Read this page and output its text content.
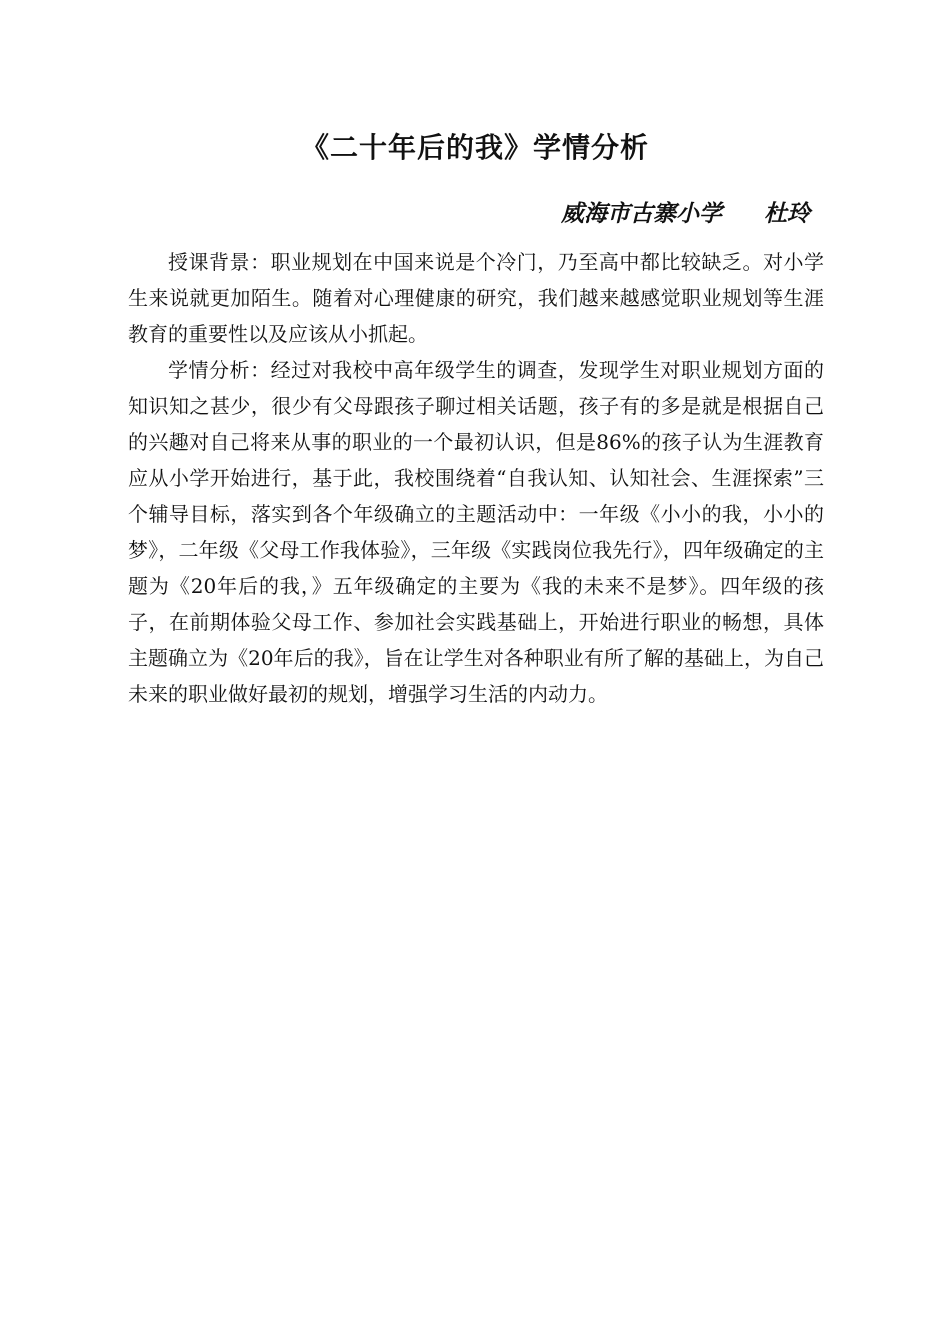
《二十年后的我》学情分析
威海市古寨小学 杜玲

授课背景：职业规划在中国来说是个冷门，乃至高中都比较缺乏。对小学生来说就更加陌生。随着对心理健康的研究，我们越来越感觉职业规划等生涯教育的重要性以及应该从小抓起。

学情分析：经过对我校中高年级学生的调查，发现学生对职业规划方面的知识知之甚少，很少有父母跟孩子聊过相关话题，孩子有的多是就是根据自己的兴趣对自己将来从事的职业的一个最初认识，但是86%的孩子认为生涯教育应从小学开始进行，基于此，我校围绕着“自我认知、认知社会、生涯探索”三个辅导目标，落实到各个年级确立的主题活动中：一年级《小小的我，小小的梦》，二年级《父母工作我体验》，三年级《实践岗位我先行》，四年级确定的主题为《20年后的我，》五年级确定的主要为《我的未来不是梦》。四年级的孩子，在前期体验父母工作、参加社会实践基础上，开始进行职业的畅想，具体主题确立为《20年后的我》，旨在让学生对各种职业有所了解的基础上，为自己未来的职业做好最初的规划，增强学习生活的内动力。
